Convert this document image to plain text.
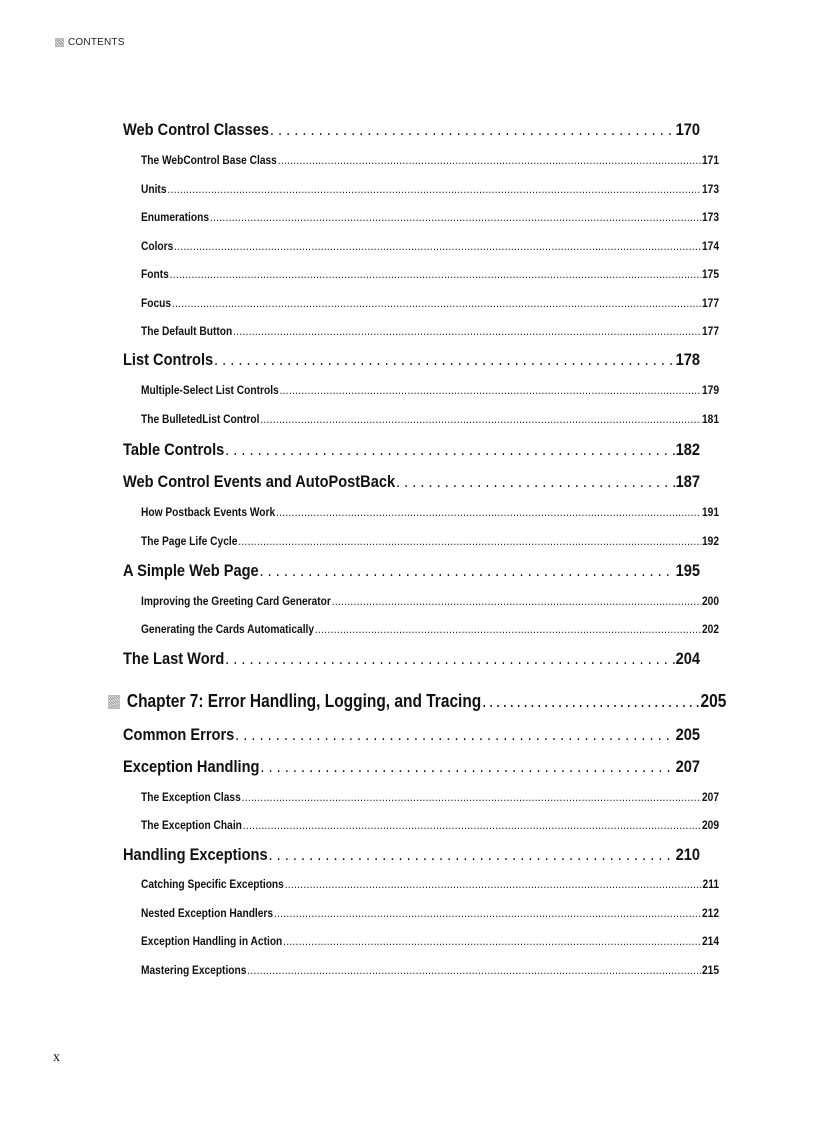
CONTENTS
Web Control Classes . . .	170
The WebControl Base Class . . .	171
Units . . .	173
Enumerations . . .	173
Colors . . .	174
Fonts . . .	175
Focus . . .	177
The Default Button . . .	177
List Controls . . .	178
Multiple-Select List Controls . . .	179
The BulletedList Control . . .	181
Table Controls . . .	182
Web Control Events and AutoPostBack . . .	187
How Postback Events Work . . .	191
The Page Life Cycle . . .	192
A Simple Web Page . . .	195
Improving the Greeting Card Generator . . .	200
Generating the Cards Automatically . . .	202
The Last Word . . .	204
Chapter 7: Error Handling, Logging, and Tracing . . .	205
Common Errors . . .	205
Exception Handling . . .	207
The Exception Class . . .	207
The Exception Chain . . .	209
Handling Exceptions . . .	210
Catching Specific Exceptions . . .	211
Nested Exception Handlers . . .	212
Exception Handling in Action . . .	214
Mastering Exceptions . . .	215
x
